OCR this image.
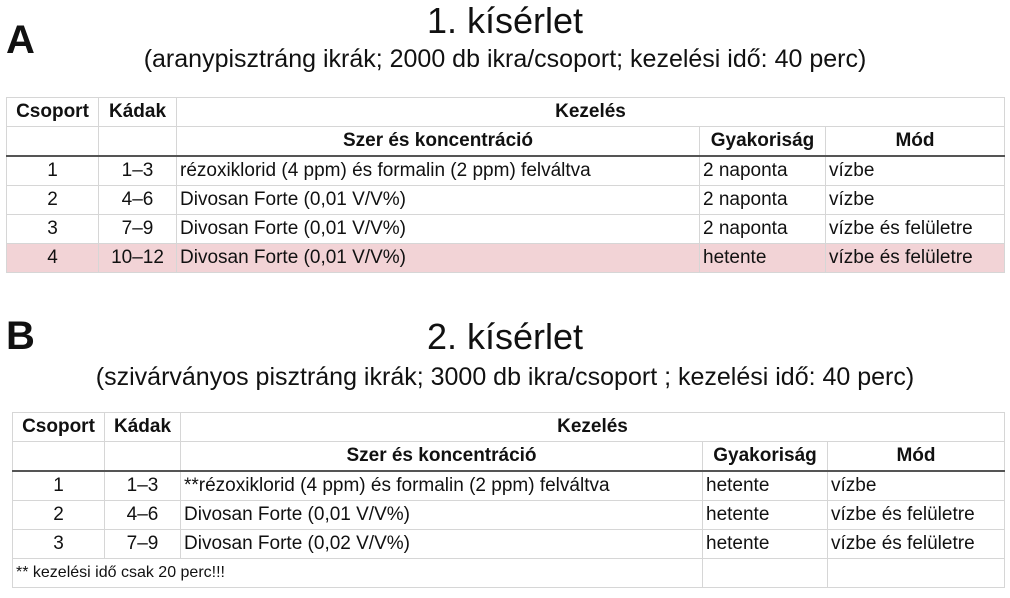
A	1. kísérlet
(aranypisztráng ikrák; 2000 db ikra/csoport; kezelési idő: 40 perc)
Csoport	Kádak	Kezelés		
		Szer és koncentráció	Gyakoriság	Mód
1	1–3	rézoxiklorid (4 ppm) és formalin (2 ppm) felváltva	2 naponta	vízbe
2	4–6	Divosan Forte (0,01 V/V%)	2 naponta	vízbe
3	7–9	Divosan Forte (0,01 V/V%)	2 naponta	vízbe és felületre
4	10–12	Divosan Forte (0,01 V/V%)	hetente	vízbe és felületre
B	2. kísérlet
(szivárványos pisztráng ikrák; 3000 db ikra/csoport ; kezelési idő: 40 perc)
Csoport	Kádak	Kezelés		
		Szer és koncentráció	Gyakoriság	Mód
1	1–3	**rézoxiklorid (4 ppm) és formalin (2 ppm) felváltva	hetente	vízbe
2	4–6	Divosan Forte (0,01 V/V%)	hetente	vízbe és felületre
3	7–9	Divosan Forte (0,02 V/V%)	hetente	vízbe és felületre
** kezelési idő csak 20 perc!!!				
